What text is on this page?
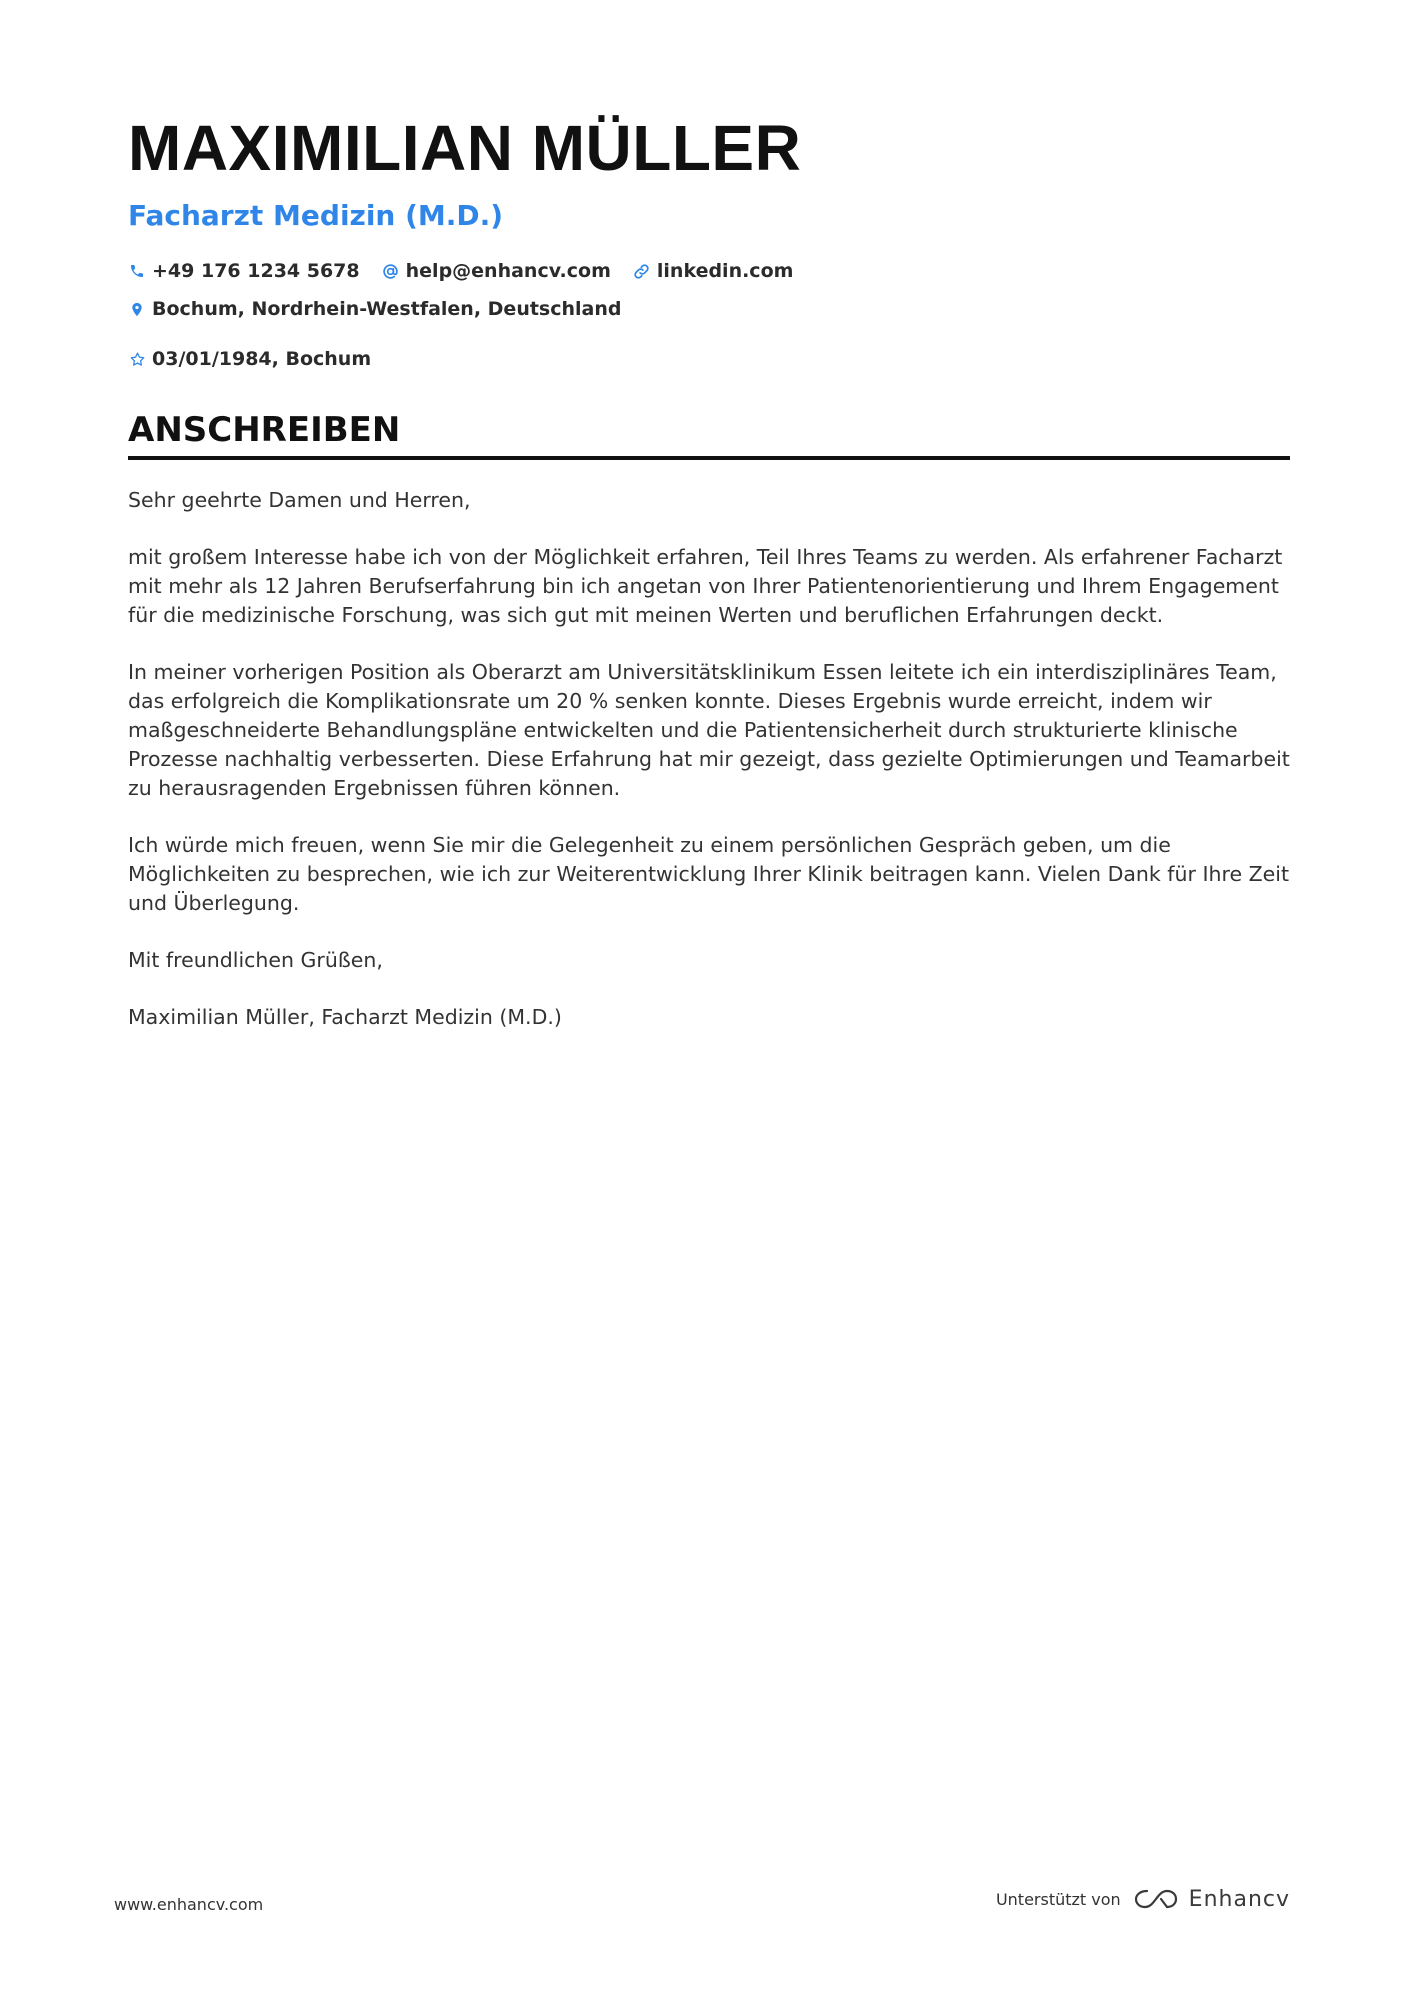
MAXIMILIAN MÜLLER
Facharzt Medizin (M.D.)
+49 176 1234 5678 help@enhancv.com linkedin.com
Bochum, Nordrhein-Westfalen, Deutschland
03/01/1984, Bochum
ANSCHREIBEN

Sehr geehrte Damen und Herren,

mit großem Interesse habe ich von der Möglichkeit erfahren, Teil Ihres Teams zu werden. Als erfahrener Facharzt mit mehr als 12 Jahren Berufserfahrung bin ich angetan von Ihrer Patientenorientierung und Ihrem Engagement für die medizinische Forschung, was sich gut mit meinen Werten und beruflichen Erfahrungen deckt.

In meiner vorherigen Position als Oberarzt am Universitätsklinikum Essen leitete ich ein interdisziplinäres Team, das erfolgreich die Komplikationsrate um 20 % senken konnte. Dieses Ergebnis wurde erreicht, indem wir maßgeschneiderte Behandlungspläne entwickelten und die Patientensicherheit durch strukturierte klinische Prozesse nachhaltig verbesserten. Diese Erfahrung hat mir gezeigt, dass gezielte Optimierungen und Teamarbeit zu herausragenden Ergebnissen führen können.

Ich würde mich freuen, wenn Sie mir die Gelegenheit zu einem persönlichen Gespräch geben, um die Möglichkeiten zu besprechen, wie ich zur Weiterentwicklung Ihrer Klinik beitragen kann. Vielen Dank für Ihre Zeit und Überlegung.

Mit freundlichen Grüßen,

Maximilian Müller, Facharzt Medizin (M.D.)

www.enhancv.com	Unterstützt von	Enhancv
